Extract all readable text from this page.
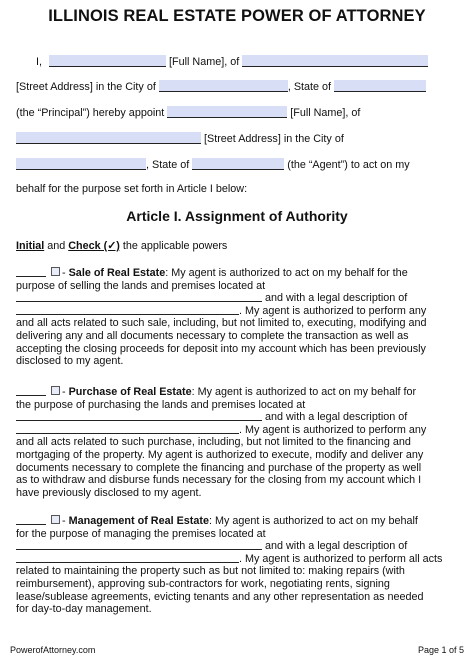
ILLINOIS REAL ESTATE POWER OF ATTORNEY
I,	[Full Name], of
[Street Address] in the City of	, State of
(the “Principal”) hereby appoint	[Full Name], of
[Street Address] in the City of
, State of	(the “Agent”) to act on my
behalf for the purpose set forth in Article I below:
Article I. Assignment of Authority
Initial and Check (✓) the applicable powers

- Sale of Real Estate: My agent is authorized to act on my behalf for the

purpose of selling the lands and premises located at

and with a legal description of

. My agent is authorized to perform any

and all acts related to such sale, including, but not limited to, executing, modifying and

delivering any and all documents necessary to complete the transaction as well as

accepting the closing proceeds for deposit into my account which has been previously

disclosed to my agent.

- Purchase of Real Estate: My agent is authorized to act on my behalf for

the purpose of purchasing the lands and premises located at

and with a legal description of

. My agent is authorized to perform any

and all acts related to such purchase, including, but not limited to the financing and

mortgaging of the property. My agent is authorized to execute, modify and deliver any

documents necessary to complete the financing and purchase of the property as well

as to withdraw and disburse funds necessary for the closing from my account which I

have previously disclosed to my agent.

- Management of Real Estate: My agent is authorized to act on my behalf

for the purpose of managing the premises located at

and with a legal description of

. My agent is authorized to perform all acts

related to maintaining the property such as but not limited to: making repairs (with

reimbursement), approving sub-contractors for work, negotiating rents, signing

lease/sublease agreements, evicting tenants and any other representation as needed

for day-to-day management.

PowerofAttorney.com	Page 1 of 5
